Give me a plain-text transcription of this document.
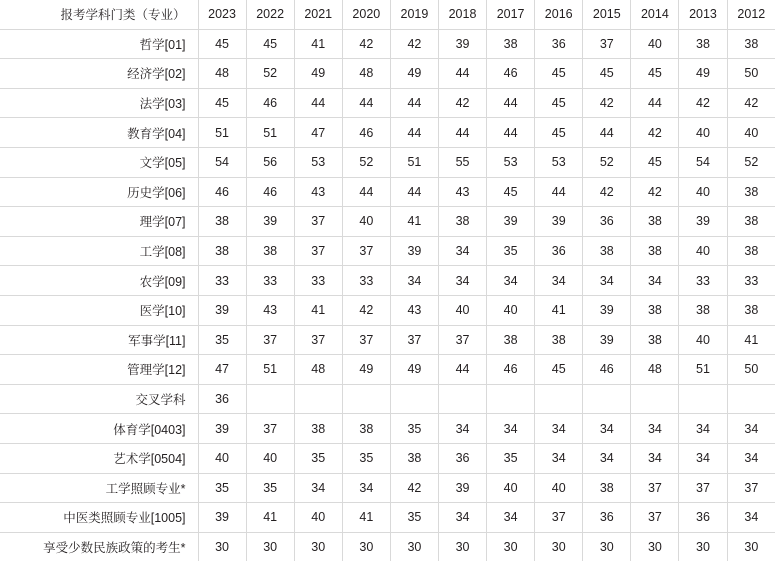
报考学科门类（专业）	2023	2022	2021	2020	2019	2018	2017	2016	2015	2014	2013	2012
哲学[01]	45	45	41	42	42	39	38	36	37	40	38	38
经济学[02]	48	52	49	48	49	44	46	45	45	45	49	50
法学[03]	45	46	44	44	44	42	44	45	42	44	42	42
教育学[04]	51	51	47	46	44	44	44	45	44	42	40	40
文学[05]	54	56	53	52	51	55	53	53	52	45	54	52
历史学[06]	46	46	43	44	44	43	45	44	42	42	40	38
理学[07]	38	39	37	40	41	38	39	39	36	38	39	38
工学[08]	38	38	37	37	39	34	35	36	38	38	40	38
农学[09]	33	33	33	33	34	34	34	34	34	34	33	33
医学[10]	39	43	41	42	43	40	40	41	39	38	38	38
军事学[11]	35	37	37	37	37	37	38	38	39	38	40	41
管理学[12]	47	51	48	49	49	44	46	45	46	48	51	50
交叉学科	36											
体育学[0403]	39	37	38	38	35	34	34	34	34	34	34	34
艺术学[0504]	40	40	35	35	38	36	35	34	34	34	34	34
工学照顾专业*	35	35	34	34	42	39	40	40	38	37	37	37
中医类照顾专业[1005]	39	41	40	41	35	34	34	37	36	37	36	34
享受少数民族政策的考生*	30	30	30	30	30	30	30	30	30	30	30	30
